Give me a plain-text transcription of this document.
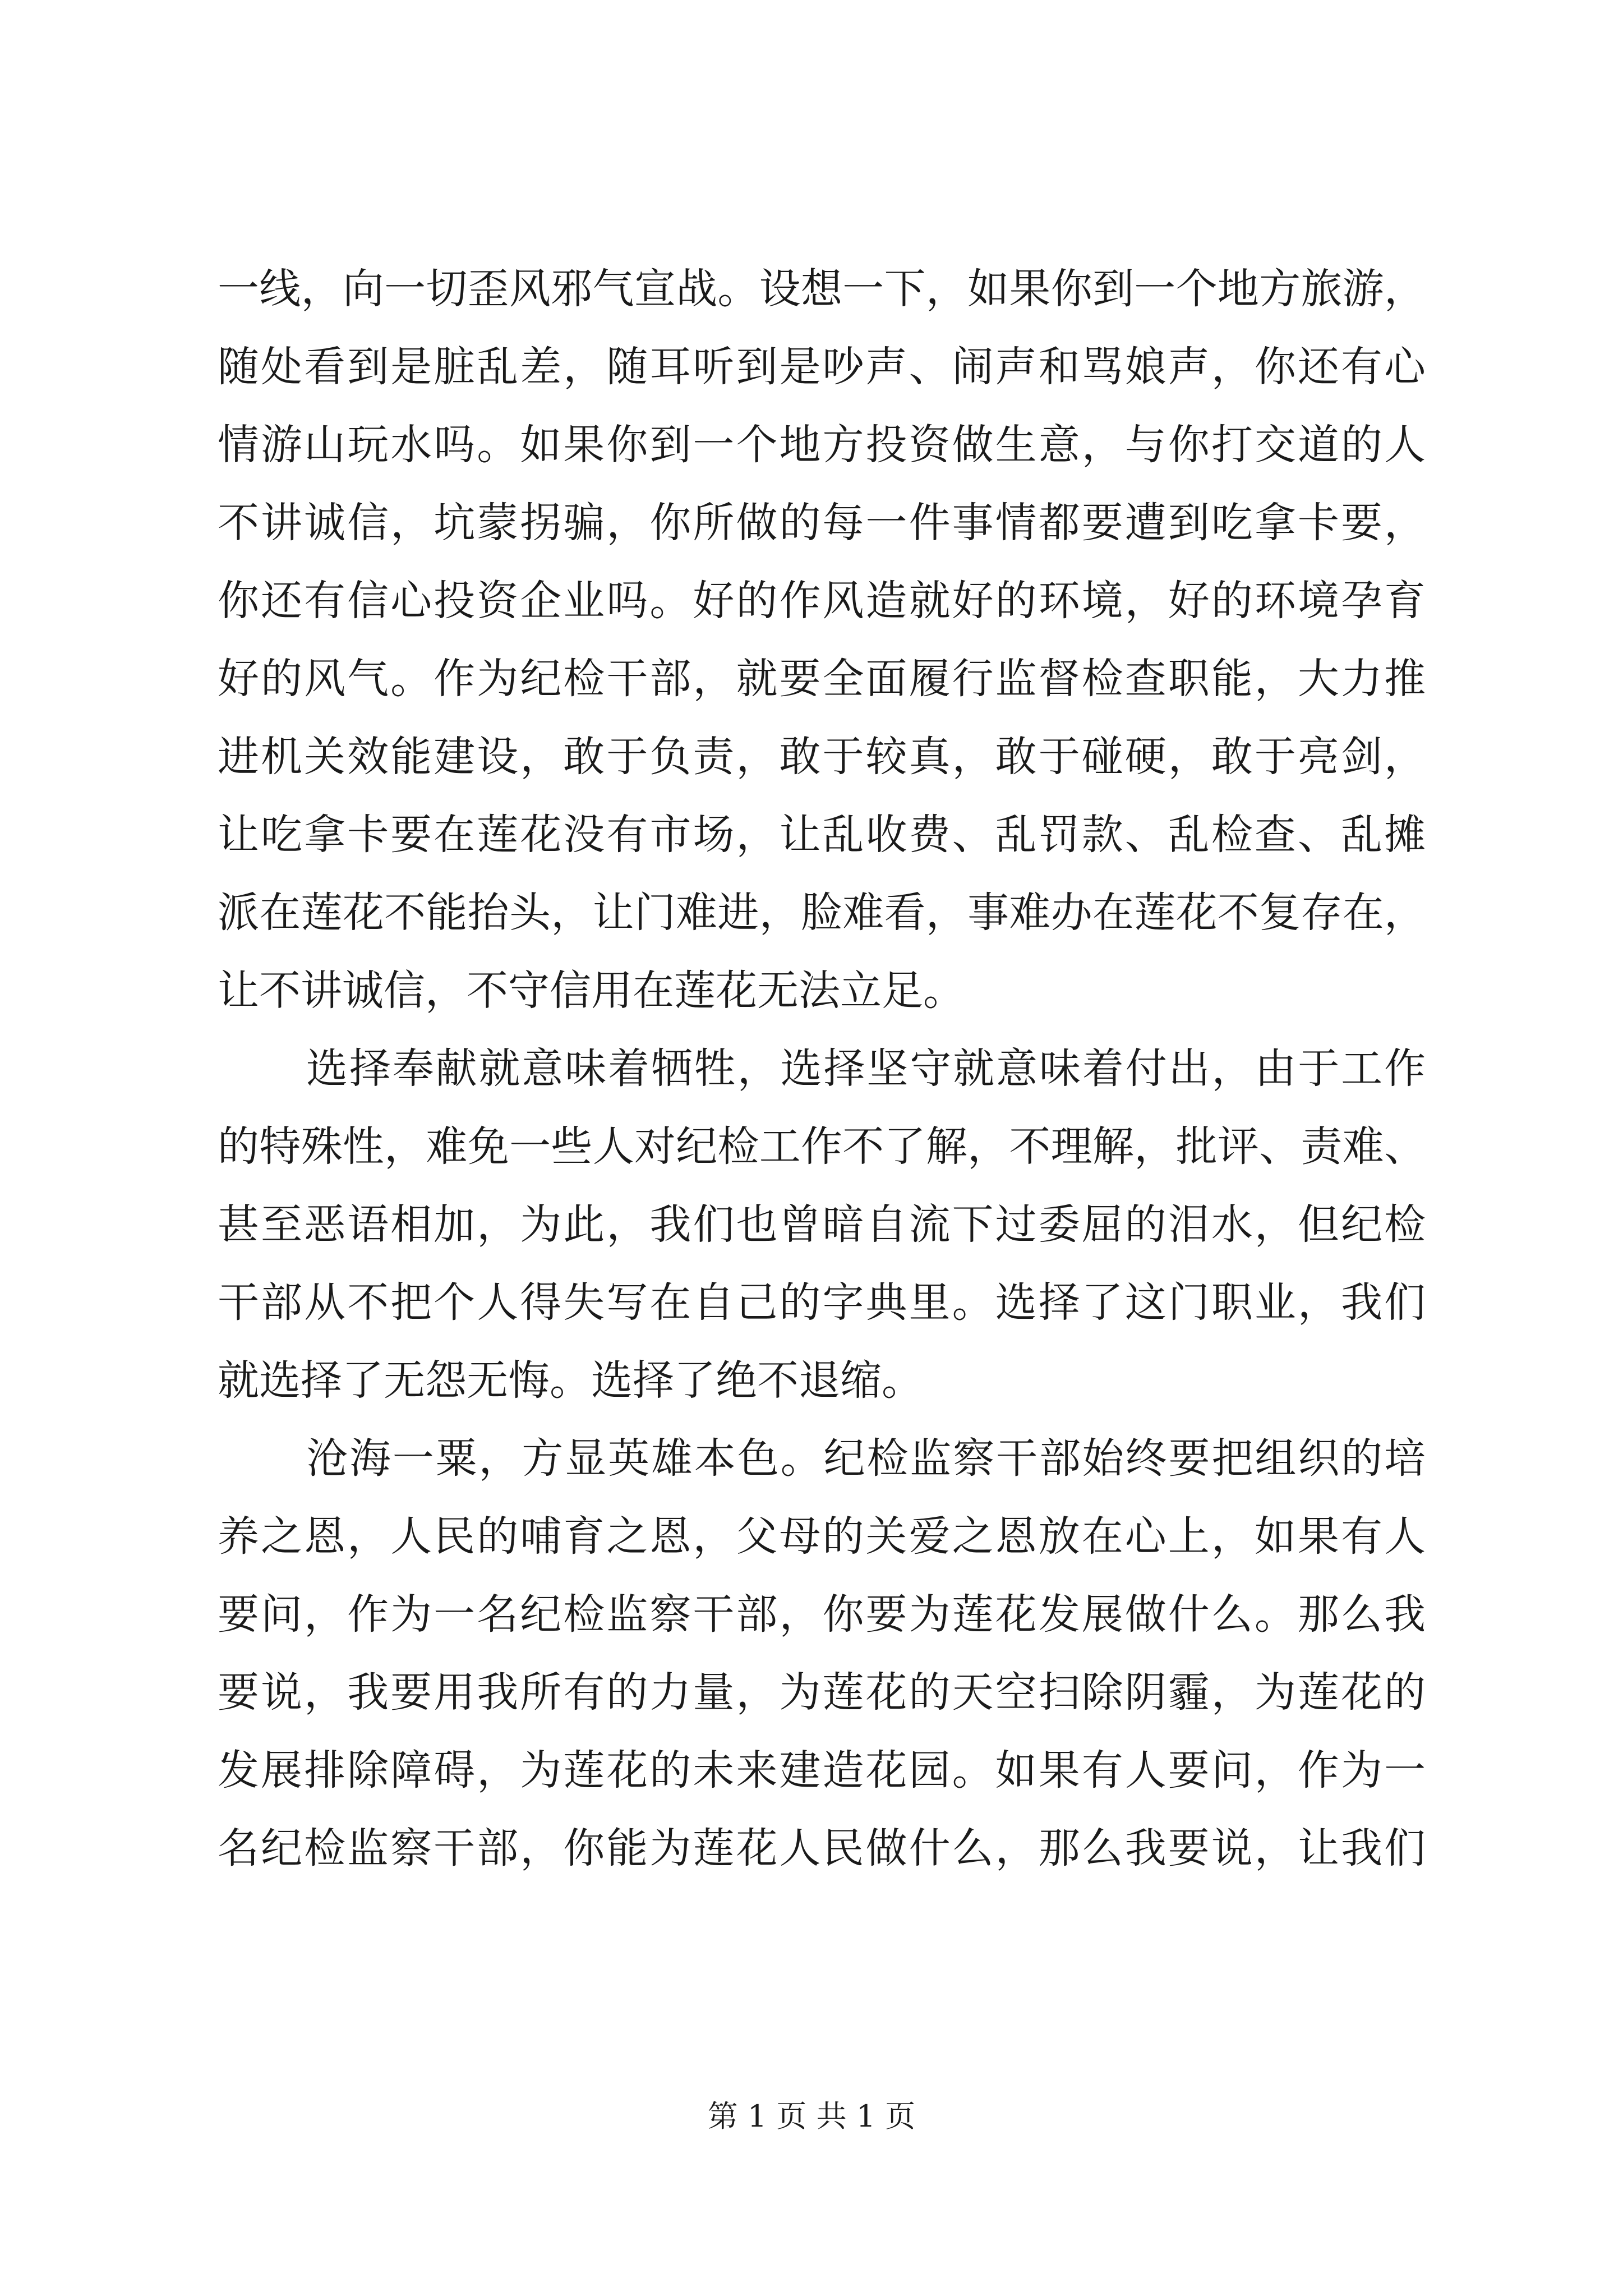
一线，向一切歪风邪气宣战。设想一下，如果你到一个地方旅游，
随处看到是脏乱差，随耳听到是吵声、闹声和骂娘声，你还有心
情游山玩水吗。如果你到一个地方投资做生意，与你打交道的人
不讲诚信，坑蒙拐骗，你所做的每一件事情都要遭到吃拿卡要，
你还有信心投资企业吗。好的作风造就好的环境，好的环境孕育
好的风气。作为纪检干部，就要全面履行监督检查职能，大力推
进机关效能建设，敢于负责，敢于较真，敢于碰硬，敢于亮剑，
让吃拿卡要在莲花没有市场，让乱收费、乱罚款、乱检查、乱摊
派在莲花不能抬头，让门难进，脸难看，事难办在莲花不复存在，
让不讲诚信，不守信用在莲花无法立足。
选择奉献就意味着牺牲，选择坚守就意味着付出，由于工作
的特殊性，难免一些人对纪检工作不了解，不理解，批评、责难、
甚至恶语相加，为此，我们也曾暗自流下过委屈的泪水，但纪检
干部从不把个人得失写在自己的字典里。选择了这门职业，我们
就选择了无怨无悔。选择了绝不退缩。
沧海一粟，方显英雄本色。纪检监察干部始终要把组织的培
养之恩，人民的哺育之恩，父母的关爱之恩放在心上，如果有人
要问，作为一名纪检监察干部，你要为莲花发展做什么。那么我
要说，我要用我所有的力量，为莲花的天空扫除阴霾，为莲花的
发展排除障碍，为莲花的未来建造花园。如果有人要问，作为一
名纪检监察干部，你能为莲花人民做什么，那么我要说，让我们
第 1 页 共 1 页
